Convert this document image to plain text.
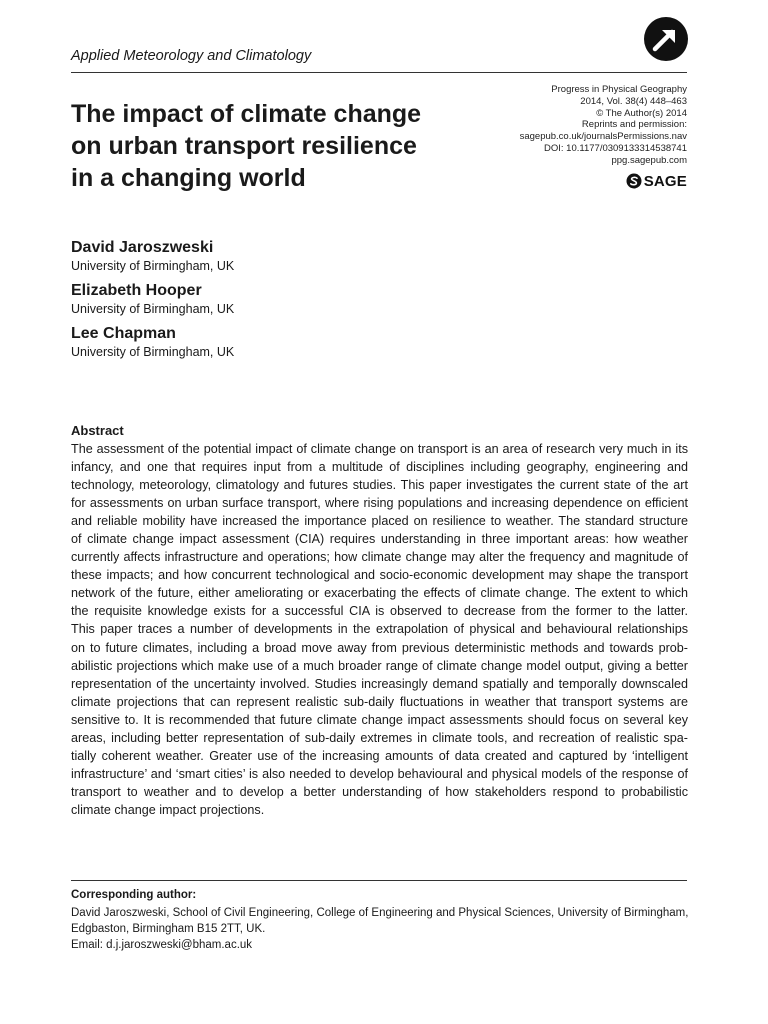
Applied Meteorology and Climatology
The impact of climate change
on urban transport resilience
in a changing world
Progress in Physical Geography
2014, Vol. 38(4) 448–463
© The Author(s) 2014
Reprints and permission:
sagepub.co.uk/journalsPermissions.nav
DOI: 10.1177/0309133314538741
ppg.sagepub.com
SAGE
David Jaroszweski
University of Birmingham, UK
Elizabeth Hooper
University of Birmingham, UK
Lee Chapman
University of Birmingham, UK
Abstract
The assessment of the potential impact of climate change on transport is an area of research very much in its
infancy, and one that requires input from a multitude of disciplines including geography, engineering and
technology, meteorology, climatology and futures studies. This paper investigates the current state of the art
for assessments on urban surface transport, where rising populations and increasing dependence on efficient
and reliable mobility have increased the importance placed on resilience to weather. The standard structure
of climate change impact assessment (CIA) requires understanding in three important areas: how weather
currently affects infrastructure and operations; how climate change may alter the frequency and magnitude of
these impacts; and how concurrent technological and socio-economic development may shape the transport
network of the future, either ameliorating or exacerbating the effects of climate change. The extent to which
the requisite knowledge exists for a successful CIA is observed to decrease from the former to the latter.
This paper traces a number of developments in the extrapolation of physical and behavioural relationships
on to future climates, including a broad move away from previous deterministic methods and towards prob-
abilistic projections which make use of a much broader range of climate change model output, giving a better
representation of the uncertainty involved. Studies increasingly demand spatially and temporally downscaled
climate projections that can represent realistic sub-daily fluctuations in weather that transport systems are
sensitive to. It is recommended that future climate change impact assessments should focus on several key
areas, including better representation of sub-daily extremes in climate tools, and recreation of realistic spa-
tially coherent weather. Greater use of the increasing amounts of data created and captured by ‘intelligent
infrastructure’ and ‘smart cities’ is also needed to develop behavioural and physical models of the response of
transport to weather and to develop a better understanding of how stakeholders respond to probabilistic
climate change impact projections.
Corresponding author:
David Jaroszweski, School of Civil Engineering, College of Engineering and Physical Sciences, University of Birmingham,
Edgbaston, Birmingham B15 2TT, UK.
Email: d.j.jaroszweski@bham.ac.uk
